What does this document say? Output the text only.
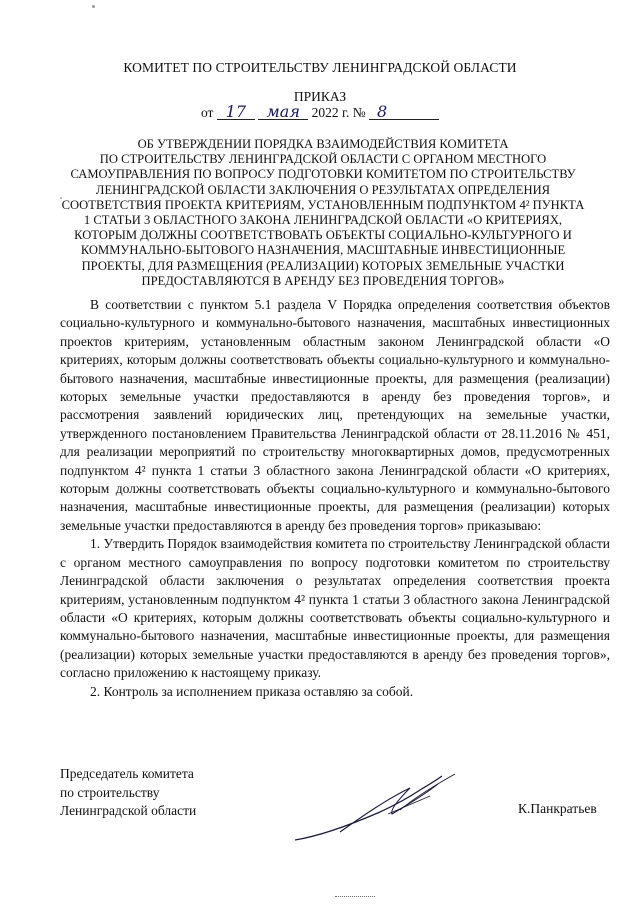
КОМИТЕТ ПО СТРОИТЕЛЬСТВУ ЛЕНИНГРАДСКОЙ ОБЛАСТИ
ПРИКАЗ
от 17 мая 2022 г. № 8
ОБ УТВЕРЖДЕНИИ ПОРЯДКА ВЗАИМОДЕЙСТВИЯ КОМИТЕТА
ПО СТРОИТЕЛЬСТВУ ЛЕНИНГРАДСКОЙ ОБЛАСТИ С ОРГАНОМ МЕСТНОГО
САМОУПРАВЛЕНИЯ ПО ВОПРОСУ ПОДГОТОВКИ КОМИТЕТОМ ПО СТРОИТЕЛЬСТВУ
ЛЕНИНГРАДСКОЙ ОБЛАСТИ ЗАКЛЮЧЕНИЯ О РЕЗУЛЬТАТАХ ОПРЕДЕЛЕНИЯ
СООТВЕТСТВИЯ ПРОЕКТА КРИТЕРИЯМ, УСТАНОВЛЕННЫМ ПОДПУНКТОМ 4² ПУНКТА
1 СТАТЬИ 3 ОБЛАСТНОГО ЗАКОНА ЛЕНИНГРАДСКОЙ ОБЛАСТИ «О КРИТЕРИЯХ,
КОТОРЫМ ДОЛЖНЫ СООТВЕТСТВОВАТЬ ОБЪЕКТЫ СОЦИАЛЬНО-КУЛЬТУРНОГО И
КОММУНАЛЬНО-БЫТОВОГО НАЗНАЧЕНИЯ, МАСШТАБНЫЕ ИНВЕСТИЦИОННЫЕ
ПРОЕКТЫ, ДЛЯ РАЗМЕЩЕНИЯ (РЕАЛИЗАЦИИ) КОТОРЫХ ЗЕМЕЛЬНЫЕ УЧАСТКИ
ПРЕДОСТАВЛЯЮТСЯ В АРЕНДУ БЕЗ ПРОВЕДЕНИЯ ТОРГОВ»

В соответствии с пунктом 5.1 раздела V Порядка определения соответствия объектов социально-культурного и коммунально-бытового назначения, масштабных инвестиционных проектов критериям, установленным областным законом Ленинградской области «О критериях, которым должны соответствовать объекты социально-культурного и коммунально-бытового назначения, масштабные инвестиционные проекты, для размещения (реализации) которых земельные участки предоставляются в аренду без проведения торгов», и рассмотрения заявлений юридических лиц, претендующих на земельные участки, утвержденного постановлением Правительства Ленинградской области от 28.11.2016 № 451, для реализации мероприятий по строительству многоквартирных домов, предусмотренных подпунктом 4² пункта 1 статьи 3 областного закона Ленинградской области «О критериях, которым должны соответствовать объекты социально-культурного и коммунально-бытового назначения, масштабные инвестиционные проекты, для размещения (реализации) которых земельные участки предоставляются в аренду без проведения торгов» приказываю:

1. Утвердить Порядок взаимодействия комитета по строительству Ленинградской области с органом местного самоуправления по вопросу подготовки комитетом по строительству Ленинградской области заключения о результатах определения соответствия проекта критериям, установленным подпунктом 4² пункта 1 статьи 3 областного закона Ленинградской области «О критериях, которым должны соответствовать объекты социально-культурного и коммунально-бытового назначения, масштабные инвестиционные проекты, для размещения (реализации) которых земельные участки предоставляются в аренду без проведения торгов», согласно приложению к настоящему приказу.

2. Контроль за исполнением приказа оставляю за собой.

Председатель комитета
по строительству
Ленинградской области	К.Панкратьев
